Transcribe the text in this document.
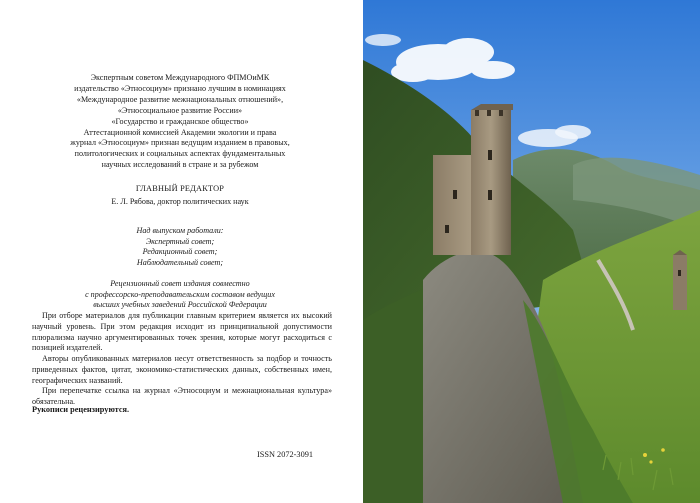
Экспертным советом Международного ФПМОиМК
издательство «Этносоциум» признано лучшим в номинациях
«Международное развитие межнациональных отношений»,
«Этносоциальное развитие России»
«Государство и гражданское общество»
Аттестационной комиссией Академии экологии и права
журнал «Этносоциум» признан ведущим изданием в правовых,
политологических и социальных аспектах фундаментальных
научных исследований в стране и за рубежом
ГЛАВНЫЙ РЕДАКТОР
Е. Л. Рябова, доктор политических наук
Над выпуском работали:
Экспертный совет;
Редакционный совет;
Наблюдательный совет;
Рецензионный совет издания совместно
с профессорско-преподавательским составом ведущих
высших учебных заведений Российской Федерации

При отборе материалов для публикации главным критерием является их высокий научный уровень. При этом редакция исходит из принципиальной допустимости плюрализма научно аргументированных точек зрения, которые могут расходиться с позицией издателей.

Авторы опубликованных материалов несут ответственность за подбор и точность приведенных фактов, цитат, экономико-статистических данных, собственных имен, географических названий.

При перепечатке ссылка на журнал «Этносоциум и межнациональная культура» обязательна.

Рукописи рецензируются.
ISSN 2072-3091
